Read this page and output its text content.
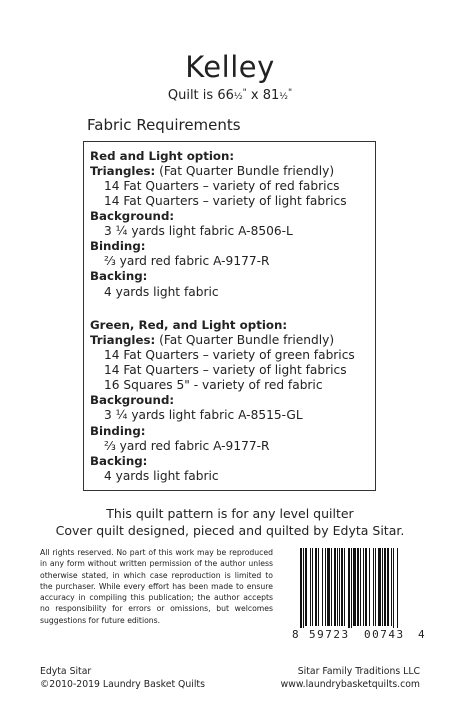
Kelley
Quilt is 66½" x 81½"
Fabric Requirements
Red and Light option:
Triangles: (Fat Quarter Bundle friendly)
14 Fat Quarters – variety of red fabrics
14 Fat Quarters – variety of light fabrics
Background:
3 ¼ yards light fabric A-8506-L
Binding:
⅔ yard red fabric A-9177-R
Backing:
4 yards light fabric
Green, Red, and Light option:
Triangles: (Fat Quarter Bundle friendly)
14 Fat Quarters – variety of green fabrics
14 Fat Quarters – variety of light fabrics
16 Squares 5" - variety of red fabric
Background:
3 ¼ yards light fabric A-8515-GL
Binding:
⅔ yard red fabric A-9177-R
Backing:
4 yards light fabric
This quilt pattern is for any level quilter
Cover quilt designed, pieced and quilted by Edyta Sitar.
All rights reserved. No part of this work may be reproduced in any form without written permission of the author unless otherwise stated, in which case reproduction is limited to the purchaser. While every effort has been made to ensure accuracy in compiling this publication; the author accepts no responsibility for errors or omissions, but welcomes suggestions for future editions.
8 59723 00743 4
Edyta Sitar
©2010-2019 Laundry Basket Quilts
Sitar Family Traditions LLC
www.laundrybasketquilts.com
